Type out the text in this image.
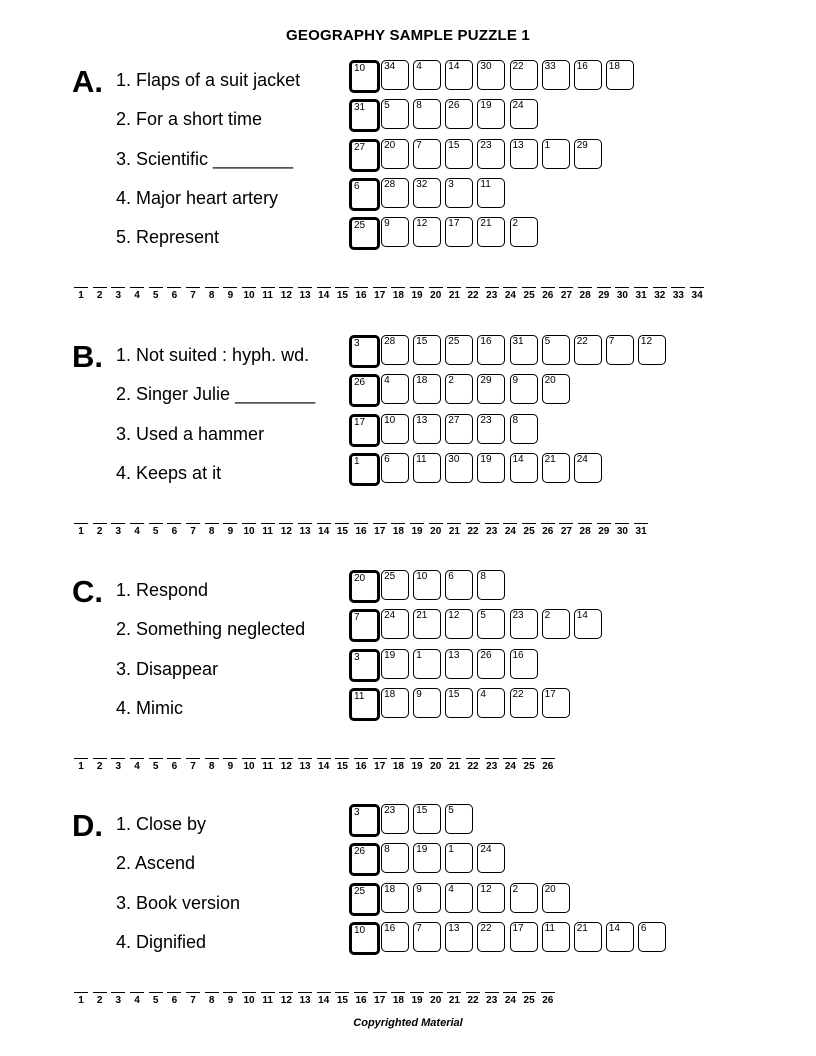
GEOGRAPHY SAMPLE PUZZLE 1
A. 1. Flaps of a suit jacket
10 34 4	14 30 22 33 16 18
2. For a short time
31 5	8	26 19 24
3. Scientific ________
27 20 7	15 23 13 1	29
4. Major heart artery
6 28 32 3	11
5. Represent
25 9	12 17 21 2
1	2	3	4	5	6	7	8	9	10 11 12 13 14 15 16 17 18 19 20 21 22 23 24 25 26 27 28 29 30 31 32 33 34
B. 1. Not suited : hyph. wd.
3 28 15 25 16 31 5	22 7	12
2. Singer Julie ________
26 4	18 2	29 9	20
3. Used a hammer
17 10 13 27 23 8
4. Keeps at it
1 6	11 30 19 14 21 24
1	2	3	4	5	6	7	8	9	10 11 12 13 14 15 16 17 18 19 20 21 22 23 24 25 26 27 28 29 30 31
C. 1. Respond
20 25 10 6	8
2. Something neglected
7 24 21 12 5	23 2	14
3. Disappear
3 19 1	13 26 16
4. Mimic
11 18 9	15 4	22 17
1	2	3	4	5	6	7	8	9	10 11 12 13 14 15 16 17 18 19 20 21 22 23 24 25 26
D. 1. Close by
3 23 15 5
2. Ascend
26 8	19 1	24
3. Book version
25 18 9	4	12 2	20
4. Dignified
10 16 7	13 22 17 11 21 14 6
1	2	3	4	5	6	7	8	9	10 11 12 13 14 15 16 17 18 19 20 21 22 23 24 25 26
Copyrighted Material
